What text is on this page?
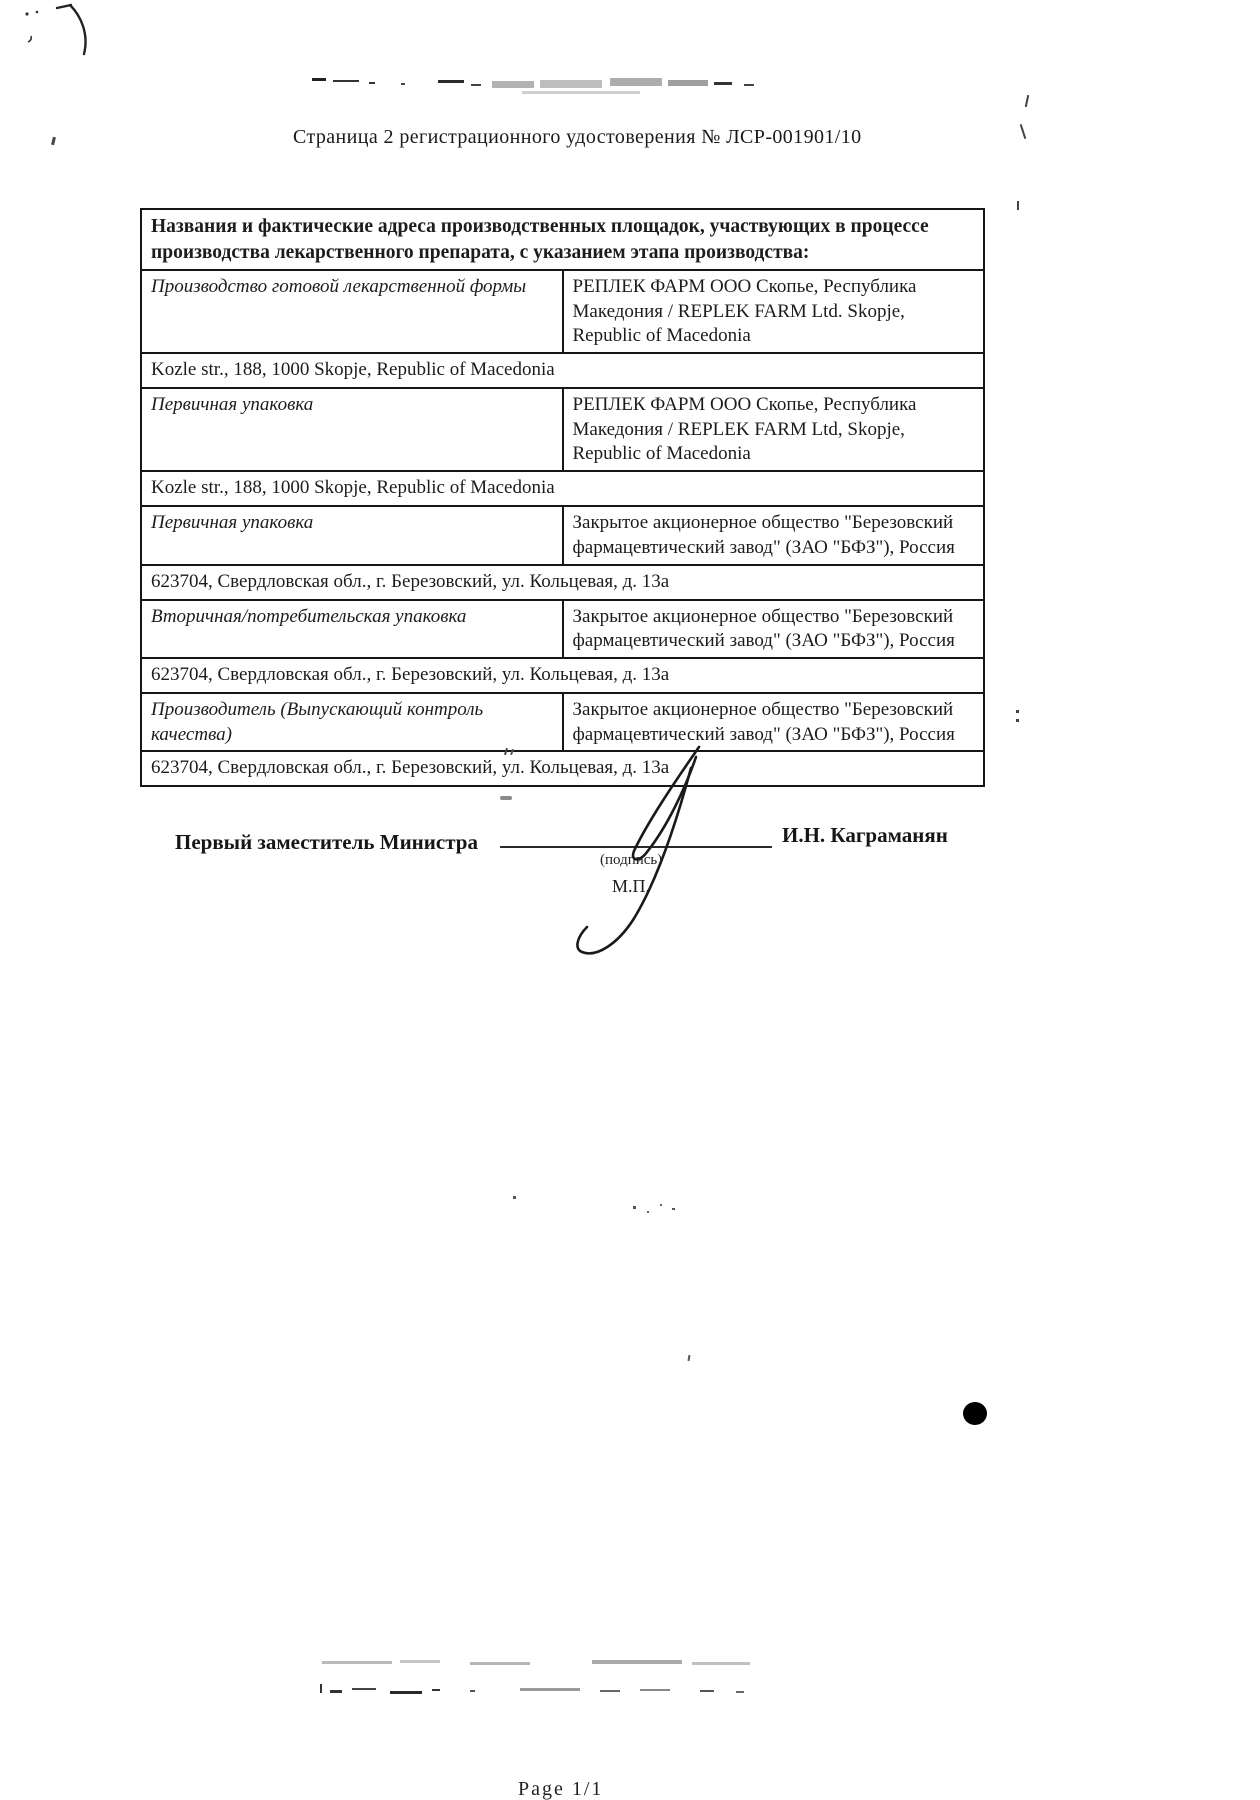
Страница 2 регистрационного удостоверения № ЛСР-001901/10
Названия и фактические адреса производственных площадок, участвующих в процессе производства лекарственного препарата, с указанием этапа производства:	
Производство готовой лекарственной формы	РЕПЛЕК ФАРМ ООО Скопье, Республика Македония / REPLEK FARM Ltd. Skopje, Republic of Macedonia
Kozle str., 188, 1000 Skopje, Republic of Macedonia	
Первичная упаковка	РЕПЛЕК ФАРМ ООО Скопье, Республика Македония / REPLEK FARM Ltd, Skopje, Republic of Macedonia
Kozle str., 188, 1000 Skopje, Republic of Macedonia	
Первичная упаковка	Закрытое акционерное общество "Березовский фармацевтический завод" (ЗАО "БФЗ"), Россия
623704, Свердловская обл., г. Березовский, ул. Кольцевая, д. 13а	
Вторичная/потребительская упаковка	Закрытое акционерное общество "Березовский фармацевтический завод" (ЗАО "БФЗ"), Россия
623704, Свердловская обл., г. Березовский, ул. Кольцевая, д. 13а	
Производитель (Выпускающий контроль качества)	Закрытое акционерное общество "Березовский фармацевтический завод" (ЗАО "БФЗ"), Россия
623704, Свердловская обл., г. Березовский, ул. Кольцевая, д. 13а	
Первый заместитель Министра
(подпись)
М.П.
И.Н. Каграманян
Page 1/1
